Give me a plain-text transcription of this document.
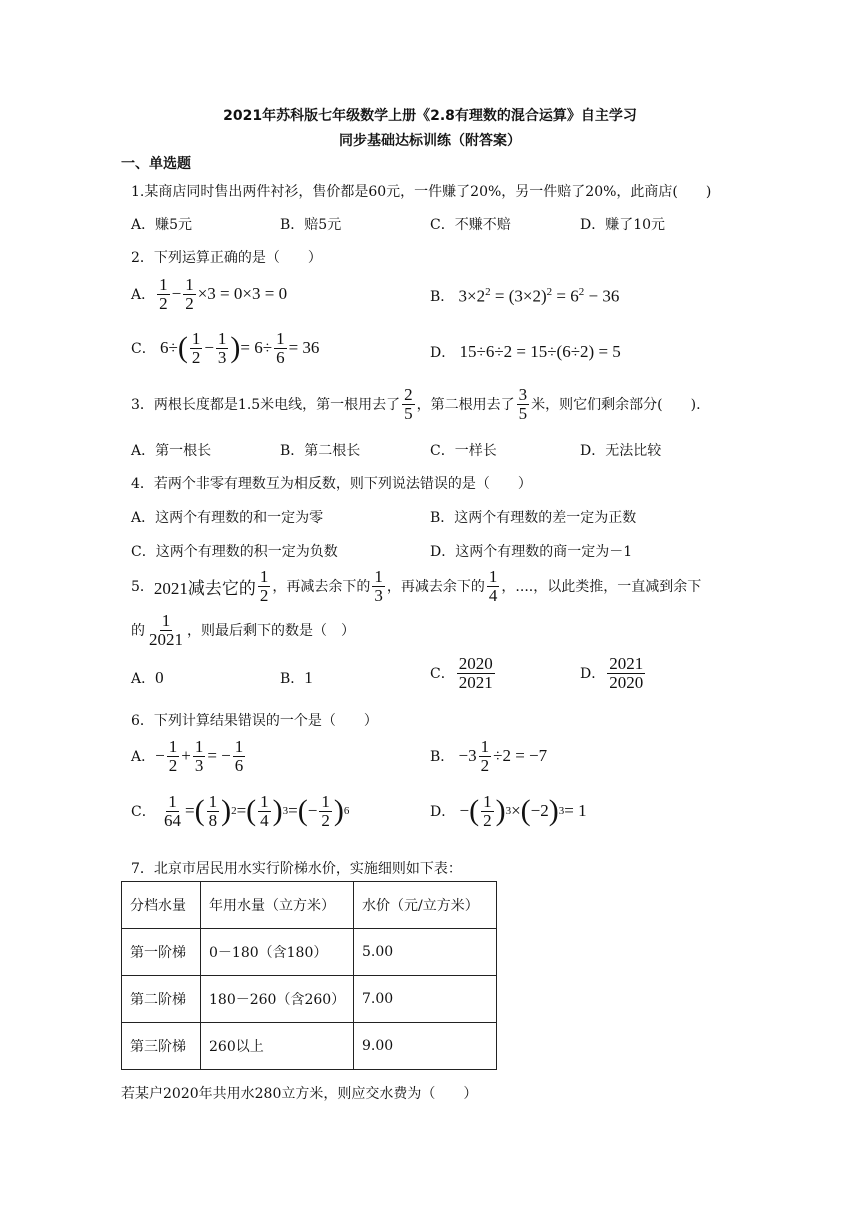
2021年苏科版七年级数学上册《2.8有理数的混合运算》自主学习
同步基础达标训练（附答案）
一、单选题
1.某商店同时售出两件衬衫，售价都是60元，一件赚了20%，另一件赔了20%，此商店(　　)
A．赚5元	B．赔5元	C．不赚不赔	D．赚了10元
2．下列运算正确的是（　　）
A． $\frac{1}{2} - \frac{1}{2} \times 3 = 0\times 3 = 0$	B． $3\times 2^2 = (3\times 2)^2 = 6^2 - 36$
C． 6÷ ( $\frac{1}{2} - \frac{1}{3}$ ) = $6\div \frac{1}{6} = 36$	D． 15÷6÷2 = 15÷(6÷2) = 5
3．两根长度都是1.5米电线，第一根用去了 $\frac{2}{5}$ ，第二根用去了 $\frac{3}{5}$ 米，则它们剩余部分(　　).
A．第一根长	B．第二根长	C．一样长	D．无法比较
4．若两个非零有理数互为相反数，则下列说法错误的是（　　）
A．这两个有理数的和一定为零	B．这两个有理数的差一定为正数
C．这两个有理数的积一定为负数	D．这两个有理数的商一定为－1
5． 2021减去它的 $\frac{1}{2}$ ，再减去余下的 $\frac{1}{3}$ ，再减去余下的 $\frac{1}{4}$ ，....，以此类推，一直减到余下
的 $\frac{1}{2021}$ ，则最后剩下的数是（　）
A． 0	B． 1	C． $\frac{2020}{2021}$	D． $\frac{2021}{2020}$
6．下列计算结果错误的一个是（　　）
A． − $\frac{1}{2} + \frac{1}{3}$ = − $\frac{1}{6}$	B． $-3 \frac{1}{2} \div 2 = -7$
C．
$\frac{1}{64}$ = ( $\frac{1}{8}$ ) 2 = ( $\frac{1}{4}$ ) 3 = ( − $\frac{1}{2}$ ) 6	D． − ( $\frac{1}{2}$ ) 3 × ( −2 ) 3 = 1
7．北京市居民用水实行阶梯水价，实施细则如下表：
分档水量	年用水量（立方米）	水价（元/立方米）
第一阶梯	0－180（含180）	5.00
第二阶梯	180－260（含260）	7.00
第三阶梯	260以上	9.00
若某户2020年共用水280立方米，则应交水费为（　　）
